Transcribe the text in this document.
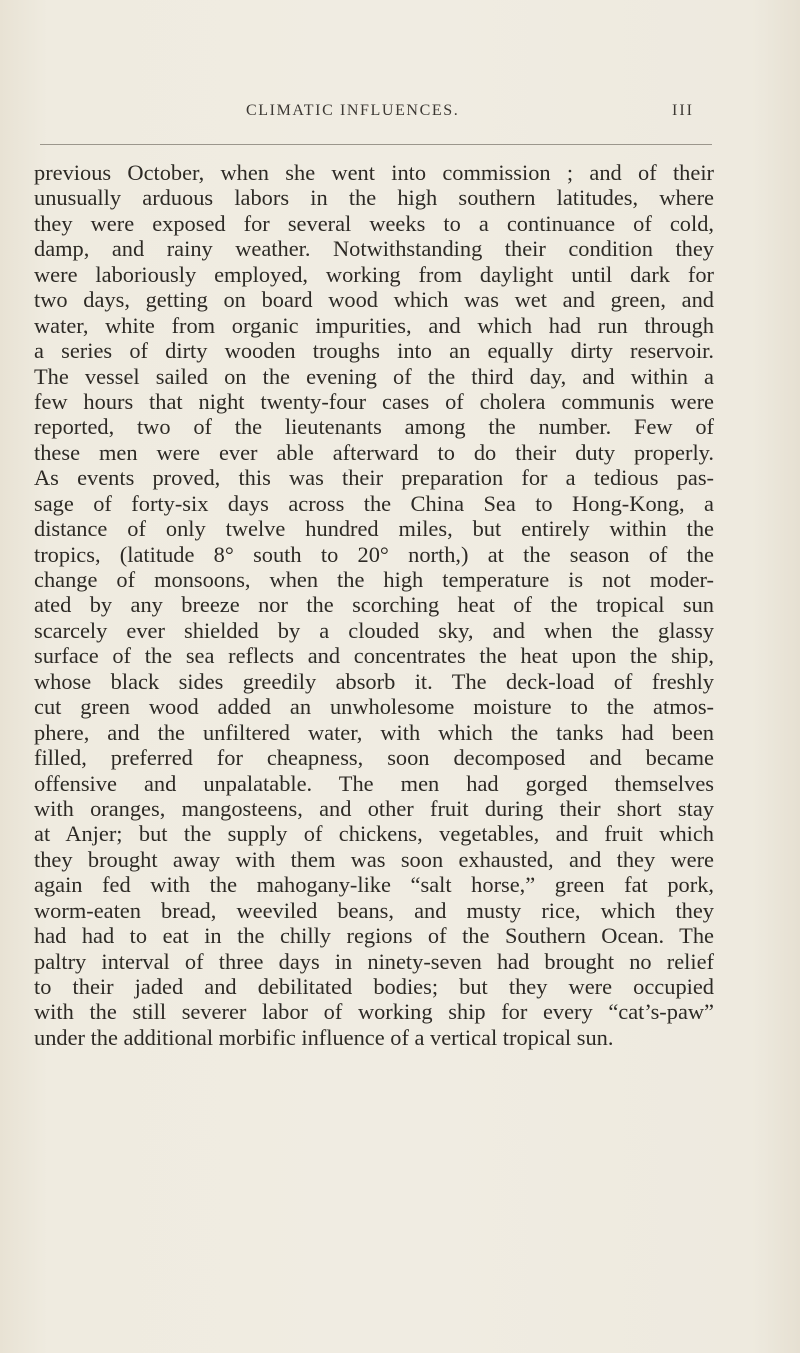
CLIMATIC INFLUENCES.	III
previous October, when she went into commission ; and of their
unusually arduous labors in the high southern latitudes, where
they were exposed for several weeks to a continuance of cold,
damp, and rainy weather. Notwithstanding their condition they
were laboriously employed, working from daylight until dark for
two days, getting on board wood which was wet and green, and
water, white from organic impurities, and which had run through
a series of dirty wooden troughs into an equally dirty reservoir.
The vessel sailed on the evening of the third day, and within a
few hours that night twenty-four cases of cholera communis were
reported, two of the lieutenants among the number. Few of
these men were ever able afterward to do their duty properly.
As events proved, this was their preparation for a tedious pas-
sage of forty-six days across the China Sea to Hong-Kong, a
distance of only twelve hundred miles, but entirely within the
tropics, (latitude 8° south to 20° north,) at the season of the
change of monsoons, when the high temperature is not moder-
ated by any breeze nor the scorching heat of the tropical sun
scarcely ever shielded by a clouded sky, and when the glassy
surface of the sea reflects and concentrates the heat upon the ship,
whose black sides greedily absorb it. The deck-load of freshly
cut green wood added an unwholesome moisture to the atmos-
phere, and the unfiltered water, with which the tanks had been
filled, preferred for cheapness, soon decomposed and became
offensive and unpalatable. The men had gorged themselves
with oranges, mangosteens, and other fruit during their short stay
at Anjer; but the supply of chickens, vegetables, and fruit which
they brought away with them was soon exhausted, and they were
again fed with the mahogany-like “salt horse,” green fat pork,
worm-eaten bread, weeviled beans, and musty rice, which they
had had to eat in the chilly regions of the Southern Ocean. The
paltry interval of three days in ninety-seven had brought no relief
to their jaded and debilitated bodies; but they were occupied
with the still severer labor of working ship for every “cat’s-paw”
under the additional morbific influence of a vertical tropical sun.
